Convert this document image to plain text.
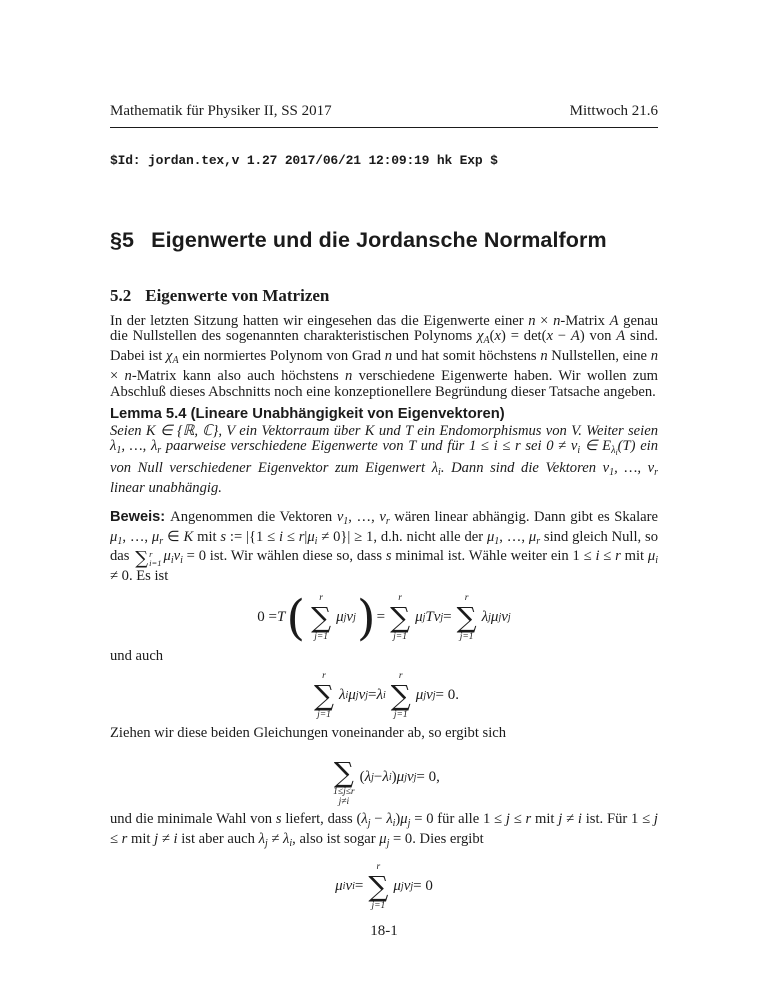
Mathematik für Physiker II, SS 2017	Mittwoch 21.6
$Id: jordan.tex,v 1.27 2017/06/21 12:09:19 hk Exp $
§5 Eigenwerte und die Jordansche Normalform
5.2 Eigenwerte von Matrizen

In der letzten Sitzung hatten wir eingesehen das die Eigenwerte einer n × n-Matrix A genau die Nullstellen des sogenannten charakteristischen Polynoms $\chi_A(x) = \det(x - A)$ von A sind. Dabei ist $\chi_A$ ein normiertes Polynom von Grad n und hat somit höchstens n Nullstellen, eine n × n-Matrix kann also auch höchstens n verschiedene Eigenwerte haben. Wir wollen zum Abschluß dieses Abschnitts noch eine konzeptionellere Begründung dieser Tatsache angeben.

Lemma 5.4 (Lineare Unabhängigkeit von Eigenvektoren)

Seien K ∈ {ℝ, ℂ}, V ein Vektorraum über K und T ein Endomorphismus von V. Weiter seien $\lambda_1$, …, $\lambda_r$ paarweise verschiedene Eigenwerte von T und für 1 ≤ i ≤ r sei $0 \ne v_i$ ∈ $E_{\lambda i}(T)$ ein von Null verschiedener Eigenvektor zum Eigenwert $\lambda_i$. Dann sind die Vektoren $v_1$, …, $v_r$ linear unabhängig.

Beweis: Angenommen die Vektoren $v_1$, …, $v_r$ wären linear abhängig. Dann gibt es Skalare $\mu_1$, …, $\mu_r$ ∈ K mit s := $|\{1 \le i \le r|\mu_i \ne 0\}| \ge 1$, d.h. nicht alle der $\mu_1$, …, $\mu_r$ sind gleich Null, so das ∑ r
i=1 $\mu_iv_i = 0$ ist. Wir wählen diese so, dass s minimal ist. Wähle weiter ein 1 ≤ i ≤ r mit $\mu_i \ne 0$. Es ist

0 = T ( r
∑
j=1
μ j v j ) =
r
∑
j=1
μ j T v j =
r
∑
j=1
λ j μ j v j

und auch

r
∑
j=1
λ i μ j v j = λ i
r
∑
j=1
μ j v j = 0.

Ziehen wir diese beiden Gleichungen voneinander ab, so ergibt sich

∑
1≤j≤r
j≠i
( λ j − λ i ) μ j v j = 0,

und die minimale Wahl von s liefert, dass $(\lambda_j - \lambda_i)\mu_j = 0$ für alle 1 ≤ j ≤ r mit j ≠ i ist. Für 1 ≤ j ≤ r mit j ≠ i ist aber auch $\lambda_j \ne \lambda_i$, also ist sogar $\mu_j = 0$. Dies ergibt

μ i v i =
r
∑
j=1
μ j v j = 0
18-1
